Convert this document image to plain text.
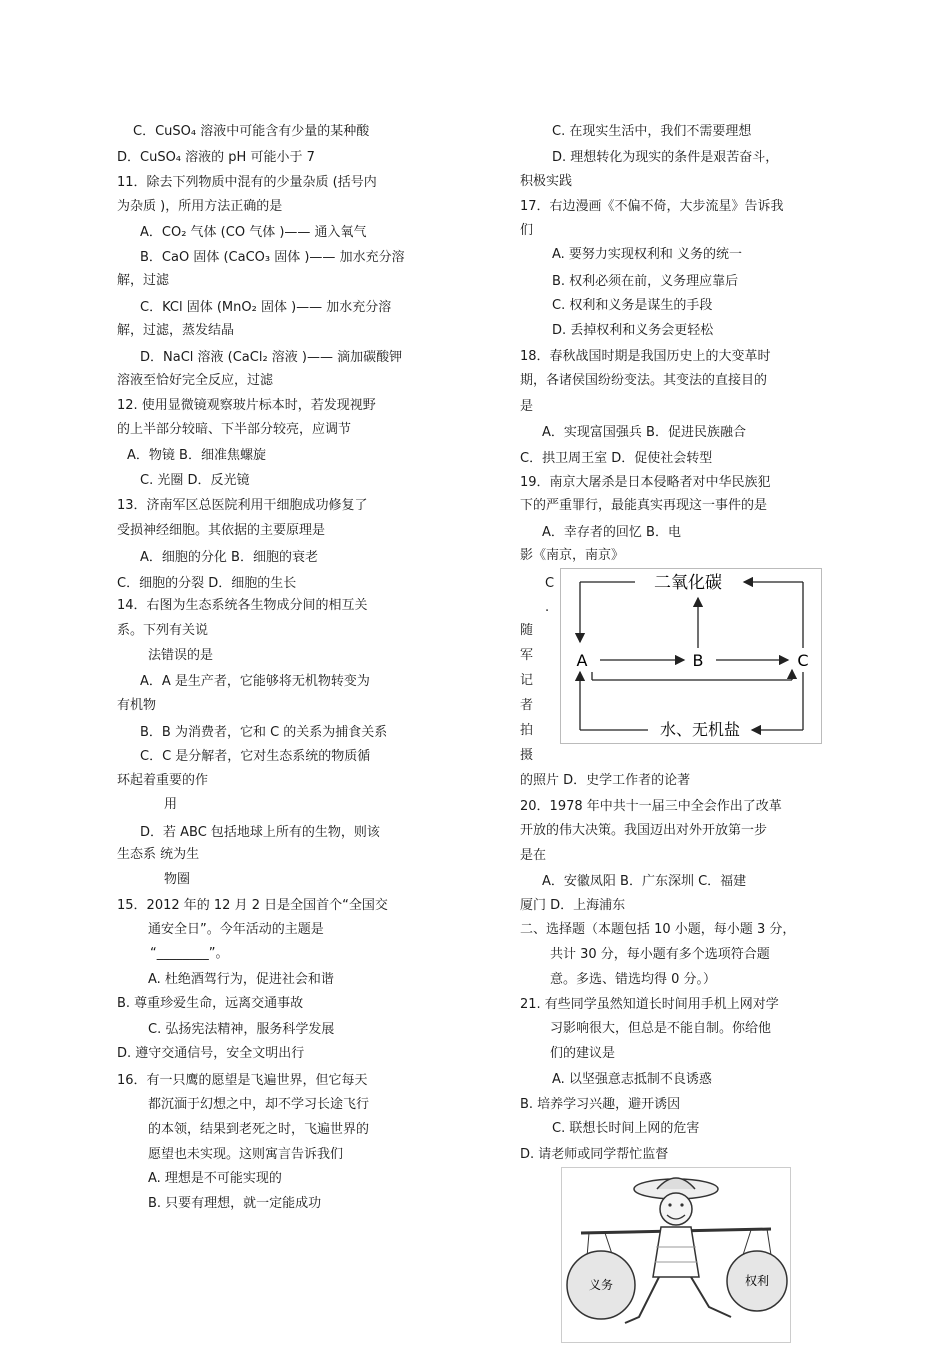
C．CuSO₄ 溶液中可能含有少量的某种酸
D．CuSO₄ 溶液的 pH 可能小于 7
11．除去下列物质中混有的少量杂质 (括号内
为杂质 )，所用方法正确的是
A．CO₂ 气体 (CO 气体 )—— 通入氧气
B．CaO 固体 (CaCO₃ 固体 )—— 加水充分溶
解，过滤
C．KCl 固体 (MnO₂ 固体 )—— 加水充分溶
解，过滤，蒸发结晶
D．NaCl 溶液 (CaCl₂ 溶液 )—— 滴加碳酸钾
溶液至恰好完全反应，过滤
12. 使用显微镜观察玻片标本时，若发现视野
的上半部分较暗、下半部分较亮，应调节
A．物镜 B．细准焦螺旋
C. 光圈 D．反光镜
13．济南军区总医院利用干细胞成功修复了
受损神经细胞。其依据的主要原理是
A．细胞的分化 B．细胞的衰老
C．细胞的分裂 D．细胞的生长
14．右图为生态系统各生物成分间的相互关
系。下列有关说
法错误的是
A．A 是生产者，它能够将无机物转变为
有机物
B．B 为消费者，它和 C 的关系为捕食关系
C．C 是分解者，它对生态系统的物质循
环起着重要的作
用
D．若 ABC 包括地球上所有的生物，则该
生态系 统为生
物圈
15．2012 年的 12 月 2 日是全国首个“全国交
通安全日”。今年活动的主题是
“________”。
A. 杜绝酒驾行为，促进社会和谐
B. 尊重珍爱生命，远离交通事故
C. 弘扬宪法精神，服务科学发展
D. 遵守交通信号，安全文明出行
16．有一只鹰的愿望是飞遍世界，但它每天
都沉湎于幻想之中，却不学习长途飞行
的本领，结果到老死之时，飞遍世界的
愿望也未实现。这则寓言告诉我们
A. 理想是不可能实现的
B. 只要有理想，就一定能成功
C. 在现实生活中，我们不需要理想
D. 理想转化为现实的条件是艰苦奋斗，
积极实践
17．右边漫画《不偏不倚，大步流星》告诉我
们
A. 要努力实现权利和 义务的统一
B. 权利必须在前，义务理应靠后
C. 权利和义务是谋生的手段
D. 丢掉权利和义务会更轻松
18．春秋战国时期是我国历史上的大变革时
期，各诸侯国纷纷变法。其变法的直接目的
是
A．实现富国强兵 B．促进民族融合
C．拱卫周王室 D．促使社会转型
19．南京大屠杀是日本侵略者对中华民族犯
下的严重罪行，最能真实再现这一事件的是
A．幸存者的回忆 B．电
影《南京，南京》
C
.
随
军
记
者
拍
摄
的照片 D．史学工作者的论著
20．1978 年中共十一届三中全会作出了改革
开放的伟大决策。我国迈出对外开放第一步
是在
A．安徽凤阳 B．广东深圳 C．福建
厦门 D．上海浦东
二、选择题（本题包括 10 小题，每小题 3 分，
共计 30 分，每小题有多个选项符合题
意。多选、错选均得 0 分。）
21. 有些同学虽然知道长时间用手机上网对学
习影响很大，但总是不能自制。你给他
们的建议是
A. 以坚强意志抵制不良诱惑
B. 培养学习兴趣，避开诱因
C. 联想长时间上网的危害
D. 请老师或同学帮忙监督
二氧化碳
A	B	C
水、无机盐
义务	权利
